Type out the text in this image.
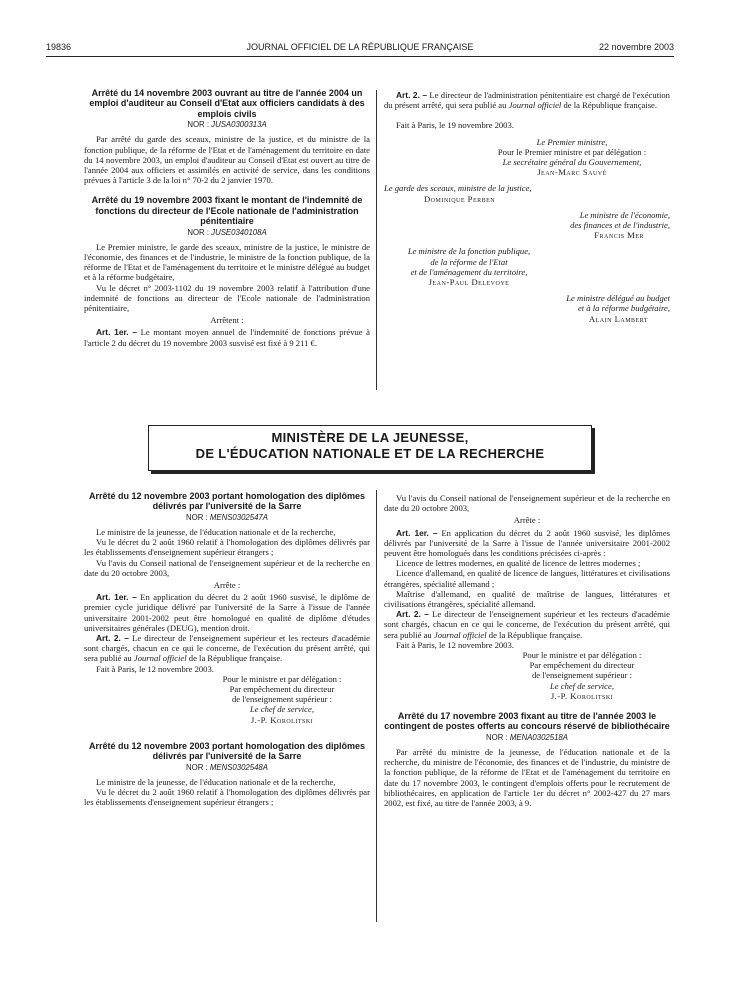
19836	JOURNAL OFFICIEL DE LA RÉPUBLIQUE FRANÇAISE	22 novembre 2003
Arrêté du 14 novembre 2003 ouvrant au titre de l'année 2004 un emploi d'auditeur au Conseil d'Etat aux officiers candidats à des emplois civils
NOR : JUSA0300313A

Par arrêté du garde des sceaux, ministre de la justice, et du ministre de la fonction publique, de la réforme de l'Etat et de l'aménagement du territoire en date du 14 novembre 2003, un emploi d'auditeur au Conseil d'Etat est ouvert au titre de l'année 2004 aux officiers et assimilés en activité de service, dans les conditions prévues à l'article 3 de la loi n° 70-2 du 2 janvier 1970.

Arrêté du 19 novembre 2003 fixant le montant de l'indemnité de fonctions du directeur de l'Ecole nationale de l'administration pénitentiaire
NOR : JUSE0340108A

Le Premier ministre, le garde des sceaux, ministre de la justice, le ministre de l'économie, des finances et de l'industrie, le ministre de la fonction publique, de la réforme de l'Etat et de l'aménagement du territoire et le ministre délégué au budget et à la réforme budgétaire,

Vu le décret n° 2003-1102 du 19 novembre 2003 relatif à l'attribution d'une indemnité de fonctions au directeur de l'Ecole nationale de l'administration pénitentiaire,

Arrêtent :

Art. 1er. – Le montant moyen annuel de l'indemnité de fonctions prévue à l'article 2 du décret du 19 novembre 2003 susvisé est fixé à 9 211 €.

Art. 2. – Le directeur de l'administration pénitentiaire est chargé de l'exécution du présent arrêté, qui sera publié au Journal officiel de la République française.

Fait à Paris, le 19 novembre 2003.

Le Premier ministre,
Pour le Premier ministre et par délégation :
Le secrétaire général du Gouvernement,
Jean-Marc Sauvé
Le garde des sceaux, ministre de la justice,
Dominique Perben
Le ministre de l'économie,
des finances et de l'industrie,
Francis Mer
Le ministre de la fonction publique,
de la réforme de l'Etat
et de l'aménagement du territoire,
Jean-Paul Delevoye
Le ministre délégué au budget
et à la réforme budgétaire,
Alain Lambert
MINISTÈRE DE LA JEUNESSE,
DE L'ÉDUCATION NATIONALE ET DE LA RECHERCHE
Arrêté du 12 novembre 2003 portant homologation des diplômes délivrés par l'université de la Sarre
NOR : MENS0302547A

Le ministre de la jeunesse, de l'éducation nationale et de la recherche,

Vu le décret du 2 août 1960 relatif à l'homologation des diplômes délivrés par les établissements d'enseignement supérieur étrangers ;

Vu l'avis du Conseil national de l'enseignement supérieur et de la recherche en date du 20 octobre 2003,

Arrête :

Art. 1er. – En application du décret du 2 août 1960 susvisé, le diplôme de premier cycle juridique délivré par l'université de la Sarre à l'issue de l'année universitaire 2001-2002 peut être homologué en qualité de diplôme d'études universitaires générales (DEUG), mention droit.

Art. 2. – Le directeur de l'enseignement supérieur et les recteurs d'académie sont chargés, chacun en ce qui le concerne, de l'exécution du présent arrêté, qui sera publié au Journal officiel de la République française.

Fait à Paris, le 12 novembre 2003.

Pour le ministre et par délégation :
Par empêchement du directeur
de l'enseignement supérieur :
Le chef de service,
J.-P. Korolitski
Arrêté du 12 novembre 2003 portant homologation des diplômes délivrés par l'université de la Sarre
NOR : MENS0302548A

Le ministre de la jeunesse, de l'éducation nationale et de la recherche,

Vu le décret du 2 août 1960 relatif à l'homologation des diplômes délivrés par les établissements d'enseignement supérieur étrangers ;

Vu l'avis du Conseil national de l'enseignement supérieur et de la recherche en date du 20 octobre 2003,

Arrête :

Art. 1er. – En application du décret du 2 août 1960 susvisé, les diplômes délivrés par l'université de la Sarre à l'issue de l'année universitaire 2001-2002 peuvent être homologués dans les conditions précisées ci-après :

Licence de lettres modernes, en qualité de licence de lettres modernes ;

Licence d'allemand, en qualité de licence de langues, littératures et civilisations étrangères, spécialité allemand ;

Maîtrise d'allemand, en qualité de maîtrise de langues, littératures et civilisations étrangères, spécialité allemand.

Art. 2. – Le directeur de l'enseignement supérieur et les recteurs d'académie sont chargés, chacun en ce qui le concerne, de l'exécution du présent arrêté, qui sera publié au Journal officiel de la République française.

Fait à Paris, le 12 novembre 2003.

Pour le ministre et par délégation :
Par empêchement du directeur
de l'enseignement supérieur :
Le chef de service,
J.-P. Korolitski
Arrêté du 17 novembre 2003 fixant au titre de l'année 2003 le contingent de postes offerts au concours réservé de bibliothécaire
NOR : MENA0302518A

Par arrêté du ministre de la jeunesse, de l'éducation nationale et de la recherche, du ministre de l'économie, des finances et de l'industrie, du ministre de la fonction publique, de la réforme de l'Etat et de l'aménagement du territoire en date du 17 novembre 2003, le contingent d'emplois offerts pour le recrutement de bibliothécaires, en application de l'article 1er du décret n° 2002-427 du 27 mars 2002, est fixé, au titre de l'année 2003, à 9.
